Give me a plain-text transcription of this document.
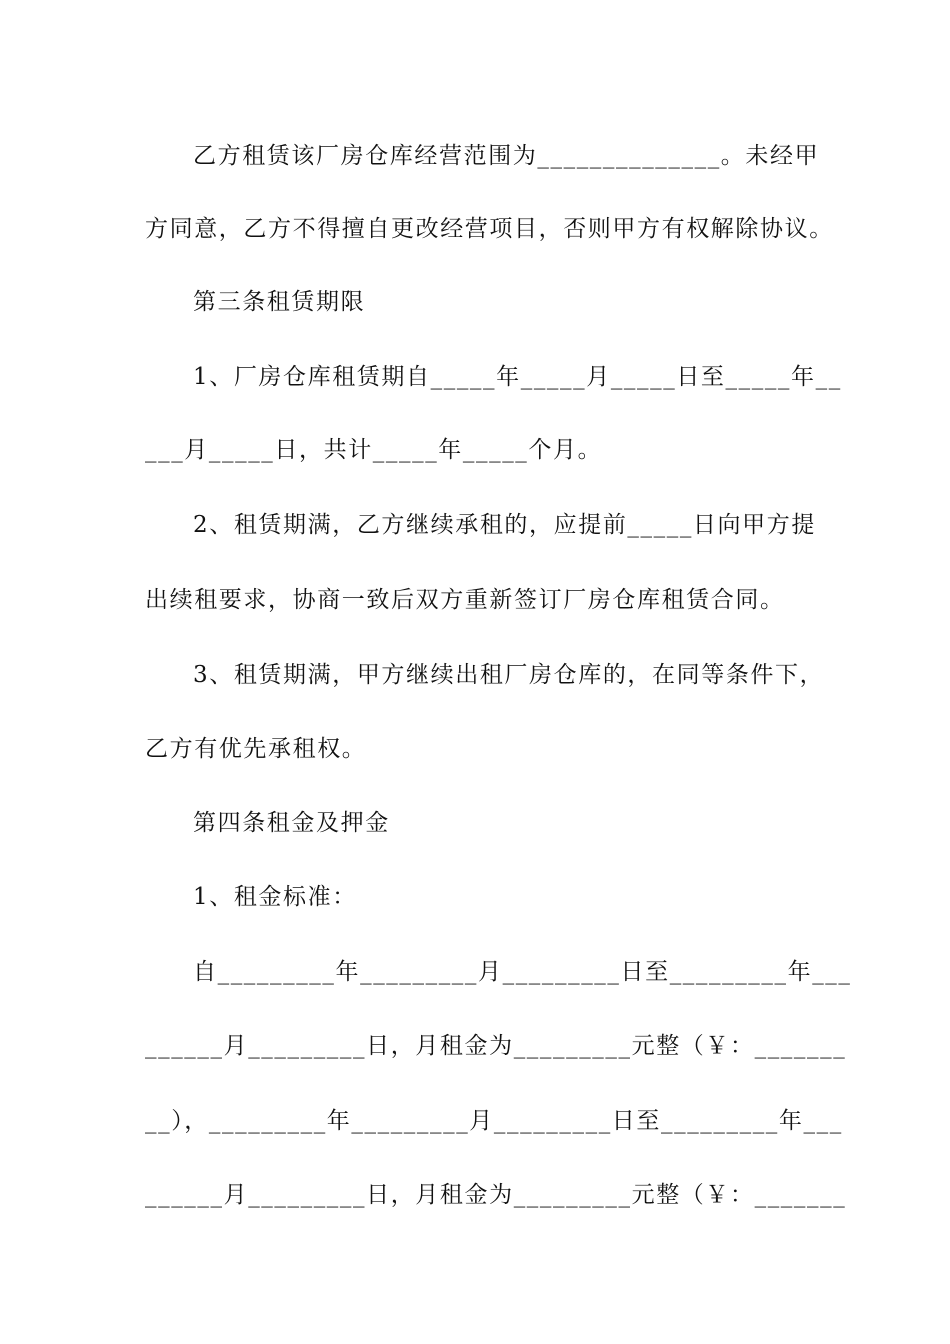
乙方租赁该厂房仓库经营范围为______________。未经甲
方同意，乙方不得擅自更改经营项目，否则甲方有权解除协议。
第三条租赁期限
1、厂房仓库租赁期自_____年_____月_____日至_____年__
___月_____日，共计_____年_____个月。
2、租赁期满，乙方继续承租的，应提前_____日向甲方提
出续租要求，协商一致后双方重新签订厂房仓库租赁合同。
3、租赁期满，甲方继续出租厂房仓库的，在同等条件下，
乙方有优先承租权。
第四条租金及押金
1、租金标准：
自_________年_________月_________日至_________年___
______月_________日，月租金为_________元整（￥：_______
__），_________年_________月_________日至_________年___
______月_________日，月租金为_________元整（￥：_______
